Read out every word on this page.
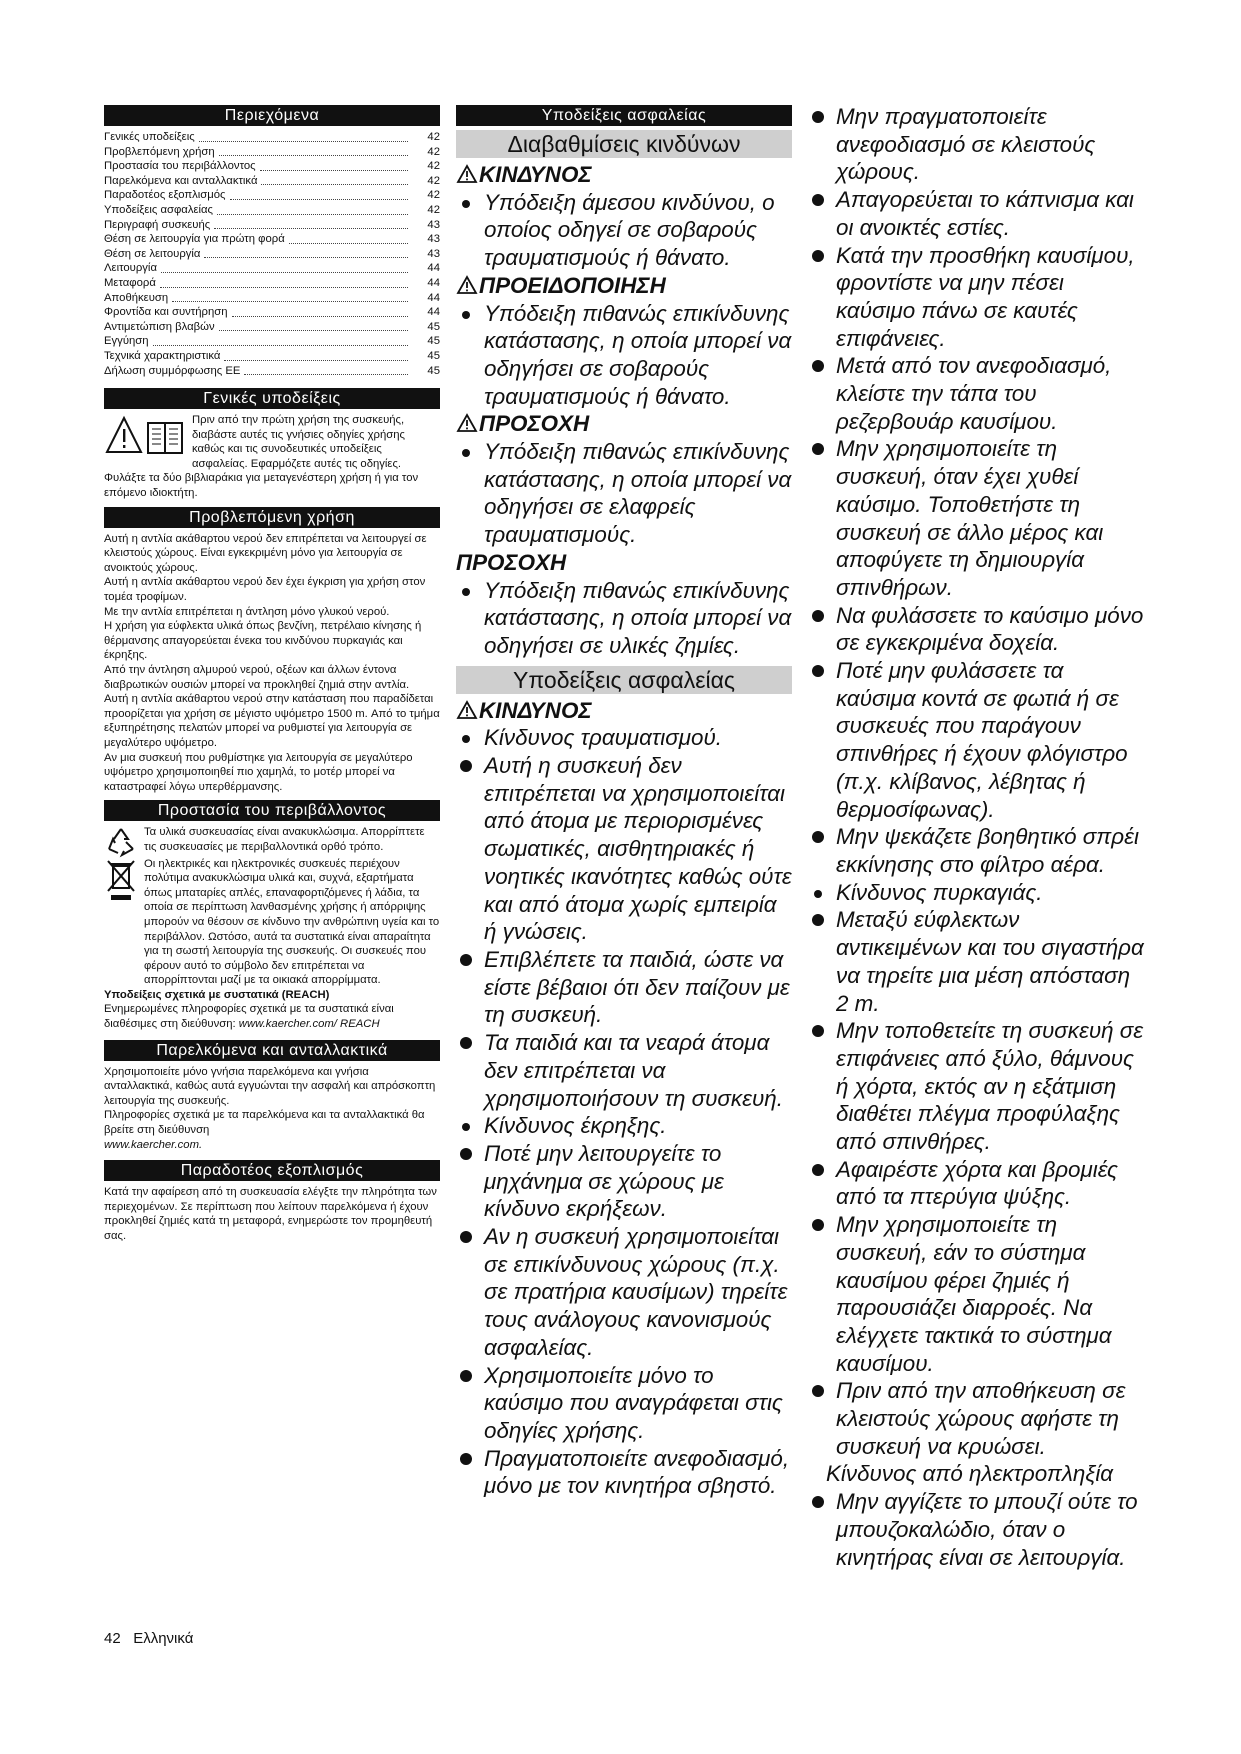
Περιεχόμενα
Γενικές υποδείξεις	42
Προβλεπόμενη χρήση	42
Προστασία του περιβάλλοντος	42
Παρελκόμενα και ανταλλακτικά	42
Παραδοτέος εξοπλισμός	42
Υποδείξεις ασφαλείας	42
Περιγραφή συσκευής	43
Θέση σε λειτουργία για πρώτη φορά	43
Θέση σε λειτουργία	43
Λειτουργία	44
Μεταφορά	44
Αποθήκευση	44
Φροντίδα και συντήρηση	44
Αντιμετώπιση βλαβών	45
Εγγύηση	45
Τεχνικά χαρακτηριστικά	45
Δήλωση συμμόρφωσης ΕΕ	45
Γενικές υποδείξεις

Πριν από την πρώτη χρήση της συσκευής, διαβάστε αυτές τις γνήσιες οδηγίες χρήσης καθώς και τις συνοδευτικές υποδείξεις ασφαλείας. Εφαρμόζετε αυτές τις οδηγίες.

Φυλάξτε τα δύο βιβλιαράκια για μεταγενέστερη χρήση ή για τον επόμενο ιδιοκτήτη.

Προβλεπόμενη χρήση

Αυτή η αντλία ακάθαρτου νερού δεν επιτρέπεται να λειτουργεί σε κλειστούς χώρους. Είναι εγκεκριμένη μόνο για λειτουργία σε ανοικτούς χώρους.

Αυτή η αντλία ακάθαρτου νερού δεν έχει έγκριση για χρήση στον τομέα τροφίμων.

Με την αντλία επιτρέπεται η άντληση μόνο γλυκού νερού.

Η χρήση για εύφλεκτα υλικά όπως βενζίνη, πετρέλαιο κίνησης ή θέρμανσης απαγορεύεται ένεκα του κινδύνου πυρκαγιάς και έκρηξης.

Από την άντληση αλμυρού νερού, οξέων και άλλων έντονα διαβρωτικών ουσιών μπορεί να προκληθεί ζημιά στην αντλία.

Αυτή η αντλία ακάθαρτου νερού στην κατάσταση που παραδίδεται προορίζεται για χρήση σε μέγιστο υψόμετρο 1500 m. Από το τμήμα εξυπηρέτησης πελατών μπορεί να ρυθμιστεί για λειτουργία σε μεγαλύτερο υψόμετρο.

Αν μια συσκευή που ρυθμίστηκε για λειτουργία σε μεγαλύτερο υψόμετρο χρησιμοποιηθεί πιο χαμηλά, το μοτέρ μπορεί να καταστραφεί λόγω υπερθέρμανσης.

Προστασία του περιβάλλοντος

Τα υλικά συσκευασίας είναι ανακυκλώσιμα. Απορρίπτετε τις συσκευασίες με περιβαλλοντικά ορθό τρόπο.

Οι ηλεκτρικές και ηλεκτρονικές συσκευές περιέχουν πολύτιμα ανακυκλώσιμα υλικά και, συχνά, εξαρτήματα όπως μπαταρίες απλές, επαναφορτιζόμενες ή λάδια, τα οποία σε περίπτωση λανθασμένης χρήσης ή απόρριψης μπορούν να θέσουν σε κίνδυνο την ανθρώπινη υγεία και το περιβάλλον. Ωστόσο, αυτά τα συστατικά είναι απαραίτητα για τη σωστή λειτουργία της συσκευής. Οι συσκευές που φέρουν αυτό το σύμβολο δεν επιτρέπεται να απορρίπτονται μαζί με τα οικιακά απορρίμματα.

Υποδείξεις σχετικά με συστατικά (REACH)

Ενημερωμένες πληροφορίες σχετικά με τα συστατικά είναι διαθέσιμες στη διεύθυνση: www.kaercher.com/ REACH

Παρελκόμενα και ανταλλακτικά

Χρησιμοποιείτε μόνο γνήσια παρελκόμενα και γνήσια ανταλλακτικά, καθώς αυτά εγγυώνται την ασφαλή και απρόσκοπτη λειτουργία της συσκευής.

Πληροφορίες σχετικά με τα παρελκόμενα και τα ανταλλακτικά θα βρείτε στη διεύθυνση

www.kaercher.com.

Παραδοτέος εξοπλισμός

Κατά την αφαίρεση από τη συσκευασία ελέγξτε την πληρότητα των περιεχομένων. Σε περίπτωση που λείπουν παρελκόμενα ή έχουν προκληθεί ζημιές κατά τη μεταφορά, ενημερώστε τον προμηθευτή σας.

Υποδείξεις ασφαλείας
Διαβαθμίσεις κινδύνων
ΚΙΝΔΥΝΟΣ
Υπόδειξη άμεσου κινδύνου, ο οποίος οδηγεί σε σοβαρούς τραυματισμούς ή θάνατο.
ΠΡΟΕΙΔΟΠΟΙΗΣΗ
Υπόδειξη πιθανώς επικίνδυνης κατάστασης, η οποία μπορεί να οδηγήσει σε σοβαρούς τραυματισμούς ή θάνατο.
ΠΡΟΣΟΧΗ
Υπόδειξη πιθανώς επικίνδυνης κατάστασης, η οποία μπορεί να οδηγήσει σε ελαφρείς τραυματισμούς.
ΠΡΟΣΟΧΗ
Υπόδειξη πιθανώς επικίνδυνης κατάστασης, η οποία μπορεί να οδηγήσει σε υλικές ζημίες.
Υποδείξεις ασφαλείας
ΚΙΝΔΥΝΟΣ
Κίνδυνος τραυματισμού.
Αυτή η συσκευή δεν επιτρέπεται να χρησιμοποιείται από άτομα με περιορισμένες σωματικές, αισθητηριακές ή νοητικές ικανότητες καθώς ούτε και από άτομα χωρίς εμπειρία ή γνώσεις.
Επιβλέπετε τα παιδιά, ώστε να είστε βέβαιοι ότι δεν παίζουν με τη συσκευή.
Τα παιδιά και τα νεαρά άτομα δεν επιτρέπεται να χρησιμοποιήσουν τη συσκευή.
Κίνδυνος έκρηξης.
Ποτέ μην λειτουργείτε το μηχάνημα σε χώρους με κίνδυνο εκρήξεων.
Αν η συσκευή χρησιμοποιείται σε επικίνδυνους χώρους (π.χ. σε πρατήρια καυσίμων) τηρείτε τους ανάλογους κανονισμούς ασφαλείας.
Χρησιμοποιείτε μόνο το καύσιμο που αναγράφεται στις οδηγίες χρήσης.
Πραγματοποιείτε ανεφοδιασμό, μόνο με τον κινητήρα σβηστό.
Μην πραγματοποιείτε ανεφοδιασμό σε κλειστούς χώρους.
Απαγορεύεται το κάπνισμα και οι ανοικτές εστίες.
Κατά την προσθήκη καυσίμου, φροντίστε να μην πέσει καύσιμο πάνω σε καυτές επιφάνειες.
Μετά από τον ανεφοδιασμό, κλείστε την τάπα του ρεζερβουάρ καυσίμου.
Μην χρησιμοποιείτε τη συσκευή, όταν έχει χυθεί καύσιμο. Τοποθετήστε τη συσκευή σε άλλο μέρος και αποφύγετε τη δημιουργία σπινθήρων.
Να φυλάσσετε το καύσιμο μόνο σε εγκεκριμένα δοχεία.
Ποτέ μην φυλάσσετε τα καύσιμα κοντά σε φωτιά ή σε συσκευές που παράγουν σπινθήρες ή έχουν φλόγιστρο (π.χ. κλίβανος, λέβητας ή θερμοσίφωνας).
Μην ψεκάζετε βοηθητικό σπρέι εκκίνησης στο φίλτρο αέρα.
Κίνδυνος πυρκαγιάς.
Μεταξύ εύφλεκτων αντικειμένων και του σιγαστήρα να τηρείτε μια μέση απόσταση 2 m.
Μην τοποθετείτε τη συσκευή σε επιφάνειες από ξύλο, θάμνους ή χόρτα, εκτός αν η εξάτμιση διαθέτει πλέγμα προφύλαξης από σπινθήρες.
Αφαιρέστε χόρτα και βρομιές από τα πτερύγια ψύξης.
Μην χρησιμοποιείτε τη συσκευή, εάν το σύστημα καυσίμου φέρει ζημιές ή παρουσιάζει διαρροές. Να ελέγχετε τακτικά το σύστημα καυσίμου.
Πριν από την αποθήκευση σε κλειστούς χώρους αφήστε τη συσκευή να κρυώσει.
Κίνδυνος από ηλεκτροπληξία
Μην αγγίζετε το μπουζί ούτε το μπουζοκαλώδιο, όταν ο κινητήρας είναι σε λειτουργία.
42 Ελληνικά
